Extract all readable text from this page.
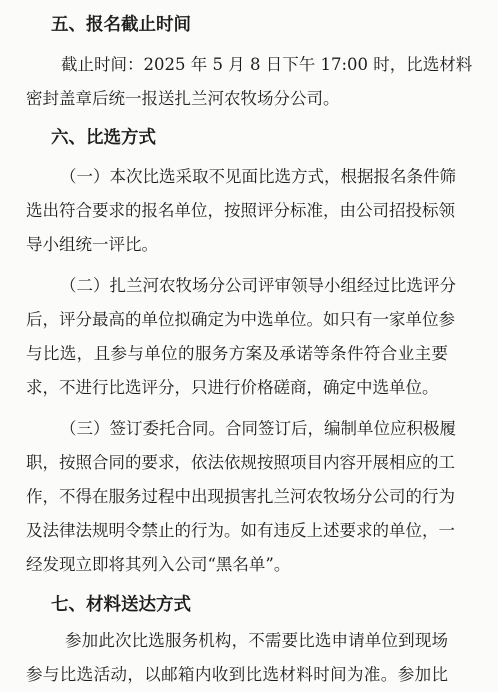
五、报名截止时间
截止时间：2025 年 5 月 8 日下午 17:00 时，比选材料
密封盖章后统一报送扎兰河农牧场分公司。
六、比选方式
（一）本次比选采取不见面比选方式，根据报名条件筛
选出符合要求的报名单位，按照评分标准，由公司招投标领
导小组统一评比。
（二）扎兰河农牧场分公司评审领导小组经过比选评分
后，评分最高的单位拟确定为中选单位。如只有一家单位参
与比选，且参与单位的服务方案及承诺等条件符合业主要
求，不进行比选评分，只进行价格磋商，确定中选单位。
（三）签订委托合同。合同签订后，编制单位应积极履
职，按照合同的要求，依法依规按照项目内容开展相应的工
作，不得在服务过程中出现损害扎兰河农牧场分公司的行为
及法律法规明令禁止的行为。如有违反上述要求的单位，一
经发现立即将其列入公司“黑名单”。
七、材料送达方式
参加此次比选服务机构，不需要比选申请单位到现场
参与比选活动，以邮箱内收到比选材料时间为准。参加比
